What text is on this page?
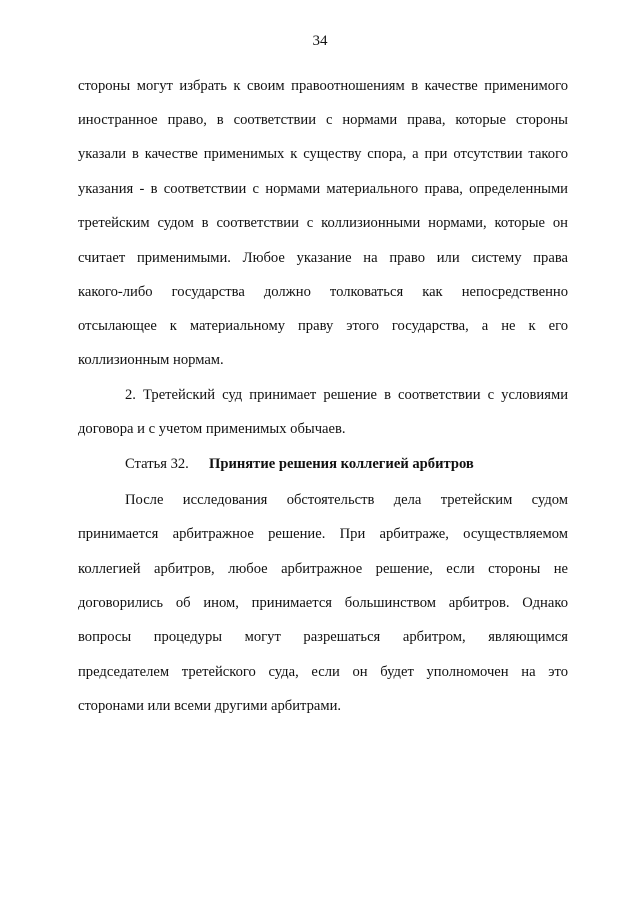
34
стороны могут избрать к своим правоотношениям в качестве применимого
иностранное право, в соответствии с нормами права, которые стороны
указали в качестве применимых к существу спора, а при отсутствии такого
указания - в соответствии с нормами материального права, определенными
третейским судом в соответствии с коллизионными нормами, которые он
считает применимыми. Любое указание на право или систему права
какого-либо государства должно толковаться как непосредственно
отсылающее к материальному праву этого государства, а не к его
коллизионным нормам.
2. Третейский суд принимает решение в соответствии с условиями
договора и с учетом применимых обычаев.
Статья 32. Принятие решения коллегией арбитров
После исследования обстоятельств дела третейским судом
принимается арбитражное решение. При арбитраже, осуществляемом
коллегией арбитров, любое арбитражное решение, если стороны не
договорились об ином, принимается большинством арбитров. Однако
вопросы процедуры могут разрешаться арбитром, являющимся
председателем третейского суда, если он будет уполномочен на это
сторонами или всеми другими арбитрами.
